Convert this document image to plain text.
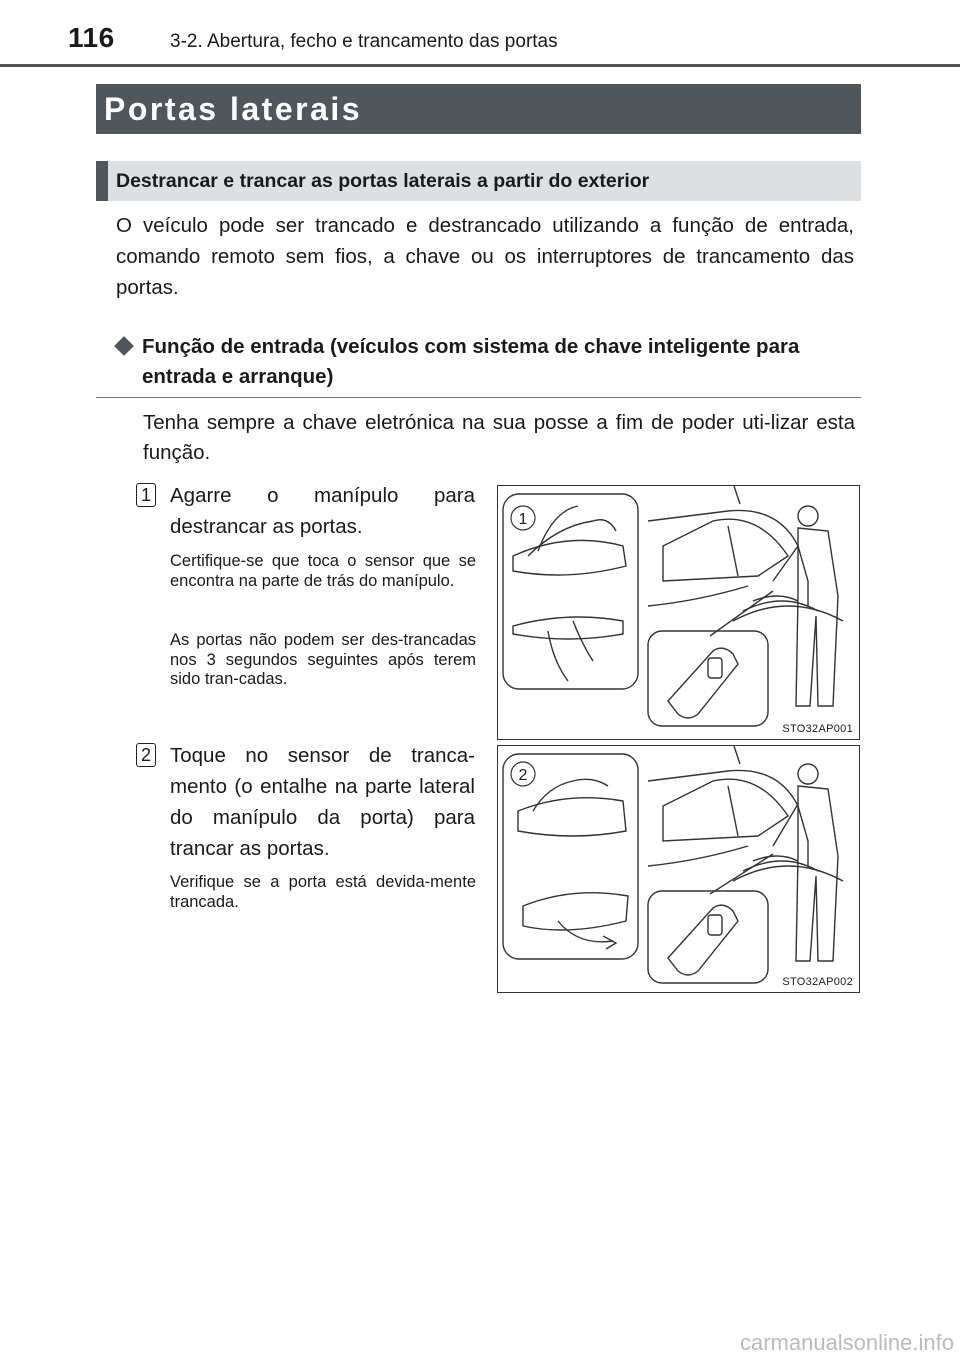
116	3-2. Abertura, fecho e trancamento das portas
Portas laterais
Destrancar e trancar as portas laterais a partir do exterior
O veículo pode ser trancado e destrancado utilizando a função de entrada, comando remoto sem fios, a chave ou os interruptores de trancamento das portas.
Função de entrada (veículos com sistema de chave inteligente para entrada e arranque)
Tenha sempre a chave eletrónica na sua posse a fim de poder uti-lizar esta função.
1 Agarre o manípulo para destrancar as portas.
Certifique-se que toca o sensor que se encontra na parte de trás do manípulo.
As portas não podem ser des-trancadas nos 3 segundos seguintes após terem sido tran-cadas.
1
STO32AP001
2 Toque no sensor de tranca-mento (o entalhe na parte lateral do manípulo da porta) para trancar as portas.
Verifique se a porta está devida-mente trancada.
2
STO32AP002
carmanualsonline.info
